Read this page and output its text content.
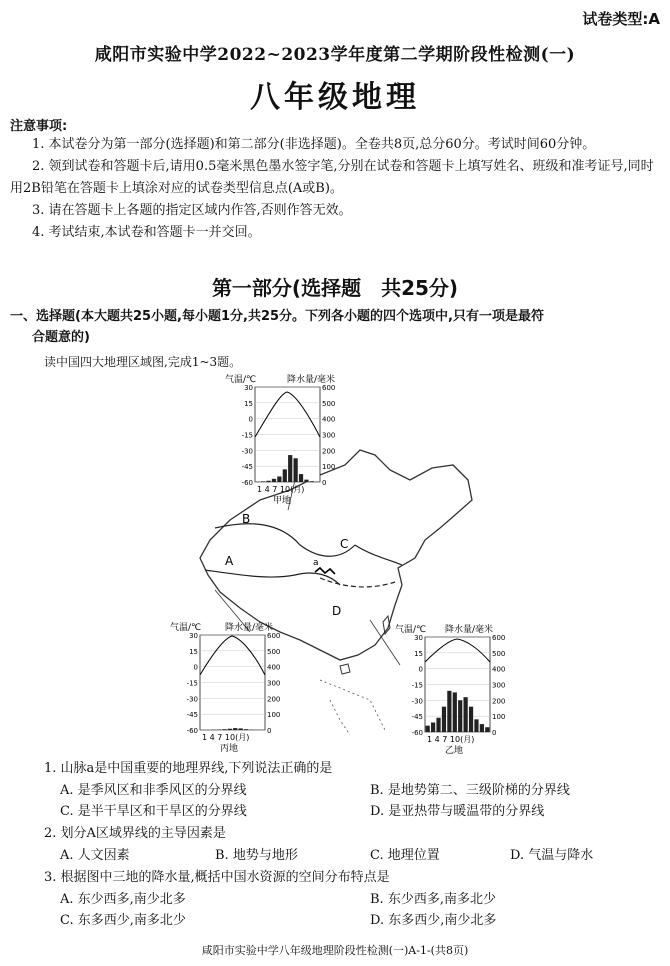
试卷类型:A
咸阳市实验中学2022~2023学年度第二学期阶段性检测(一)
八年级地理
注意事项:

1. 本试卷分为第一部分(选择题)和第二部分(非选择题)。全卷共8页,总分60分。考试时间60分钟。

2. 领到试卷和答题卡后,请用0.5毫米黑色墨水签字笔,分别在试卷和答题卡上填写姓名、班级和准考证号,同时用2B铅笔在答题卡上填涂对应的试卷类型信息点(A或B)。

3. 请在答题卡上各题的指定区域内作答,否则作答无效。

4. 考试结束,本试卷和答题卡一并交回。

第一部分(选择题　共25分)
一、选择题(本大题共25小题,每小题1分,共25分。下列各小题的四个选项中,只有一项是最符
合题意的)
读中国四大地理区域图,完成1~3题。
B
A
C
D
a
气温/℃	降水量/毫米
30	600
15	500
0	400
-15	300
-30	200
-45	100
-60	0
1 4 7 10(月)
甲地
气温/℃	降水量/毫米
30	600
15	500
0	400
-15	300
-30	200
-45	100
-60	0
1 4 7 10(月)
丙地
气温/℃ 降水量/毫米
30	600
15	500
0	400
-15	300
-30	200
-45	100
-60	0
1 4 7 10(月)
乙地
1. 山脉a是中国重要的地理界线,下列说法正确的是
A. 是季风区和非季风区的分界线	B. 是地势第二、三级阶梯的分界线
C. 是半干旱区和干旱区的分界线	D. 是亚热带与暖温带的分界线
2. 划分A区域界线的主导因素是
A. 人文因素	B. 地势与地形	C. 地理位置	D. 气温与降水
3. 根据图中三地的降水量,概括中国水资源的空间分布特点是
A. 东少西多,南少北多	B. 东少西多,南多北少
C. 东多西少,南多北少	D. 东多西少,南少北多
咸阳市实验中学八年级地理阶段性检测(一)A-1-(共8页)
